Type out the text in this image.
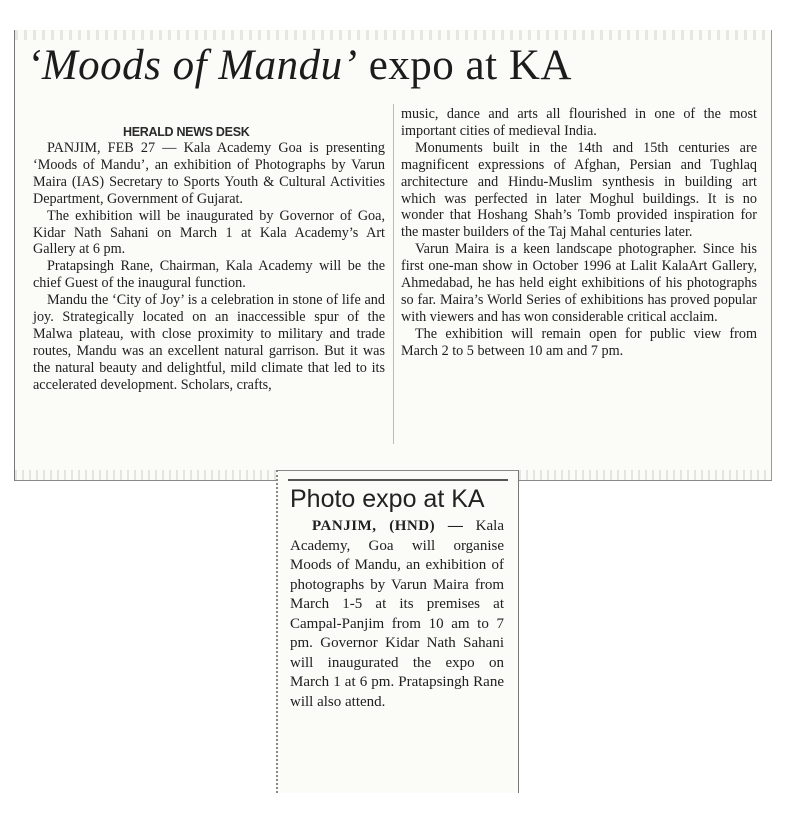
‘Moods of Mandu’ expo at KA
HERALD NEWS DESK

PANJIM, FEB 27 — Kala Academy Goa is presenting ‘Moods of Mandu’, an exhibition of Photographs by Varun Maira (IAS) Secretary to Sports Youth & Cultural Activities Department, Government of Gujarat.

The exhibition will be inaugurated by Governor of Goa, Kidar Nath Sahani on March 1 at Kala Academy’s Art Gallery at 6 pm.

Pratapsingh Rane, Chairman, Kala Academy will be the chief Guest of the inaugural function.

Mandu the ‘City of Joy’ is a celebration in stone of life and joy. Strategically located on an inaccessible spur of the Malwa plateau, with close proximity to military and trade routes, Mandu was an excellent natural garrison. But it was the natural beauty and delightful, mild climate that led to its accelerated development. Scholars, crafts,

music, dance and arts all flourished in one of the most important cities of medieval India.

Monuments built in the 14th and 15th centuries are magnificent expressions of Afghan, Persian and Tughlaq architecture and Hindu-Muslim synthesis in building art which was perfected in later Moghul buildings. It is no wonder that Hoshang Shah’s Tomb provided inspiration for the master builders of the Taj Mahal centuries later.

Varun Maira is a keen landscape photographer. Since his first one-man show in October 1996 at Lalit KalaArt Gallery, Ahmedabad, he has held eight exhibitions of his photographs so far. Maira’s World Series of exhibitions has proved popular with viewers and has won considerable critical acclaim.

The exhibition will remain open for public view from March 2 to 5 between 10 am and 7 pm.

Photo expo at KA

PANJIM, (HND) — Kala Academy, Goa will organise Moods of Mandu, an exhibition of photographs by Varun Maira from March 1-5 at its premises at Campal-Panjim from 10 am to 7 pm. Governor Kidar Nath Sahani will inaugurated the expo on March 1 at 6 pm. Pratapsingh Rane will also attend.
